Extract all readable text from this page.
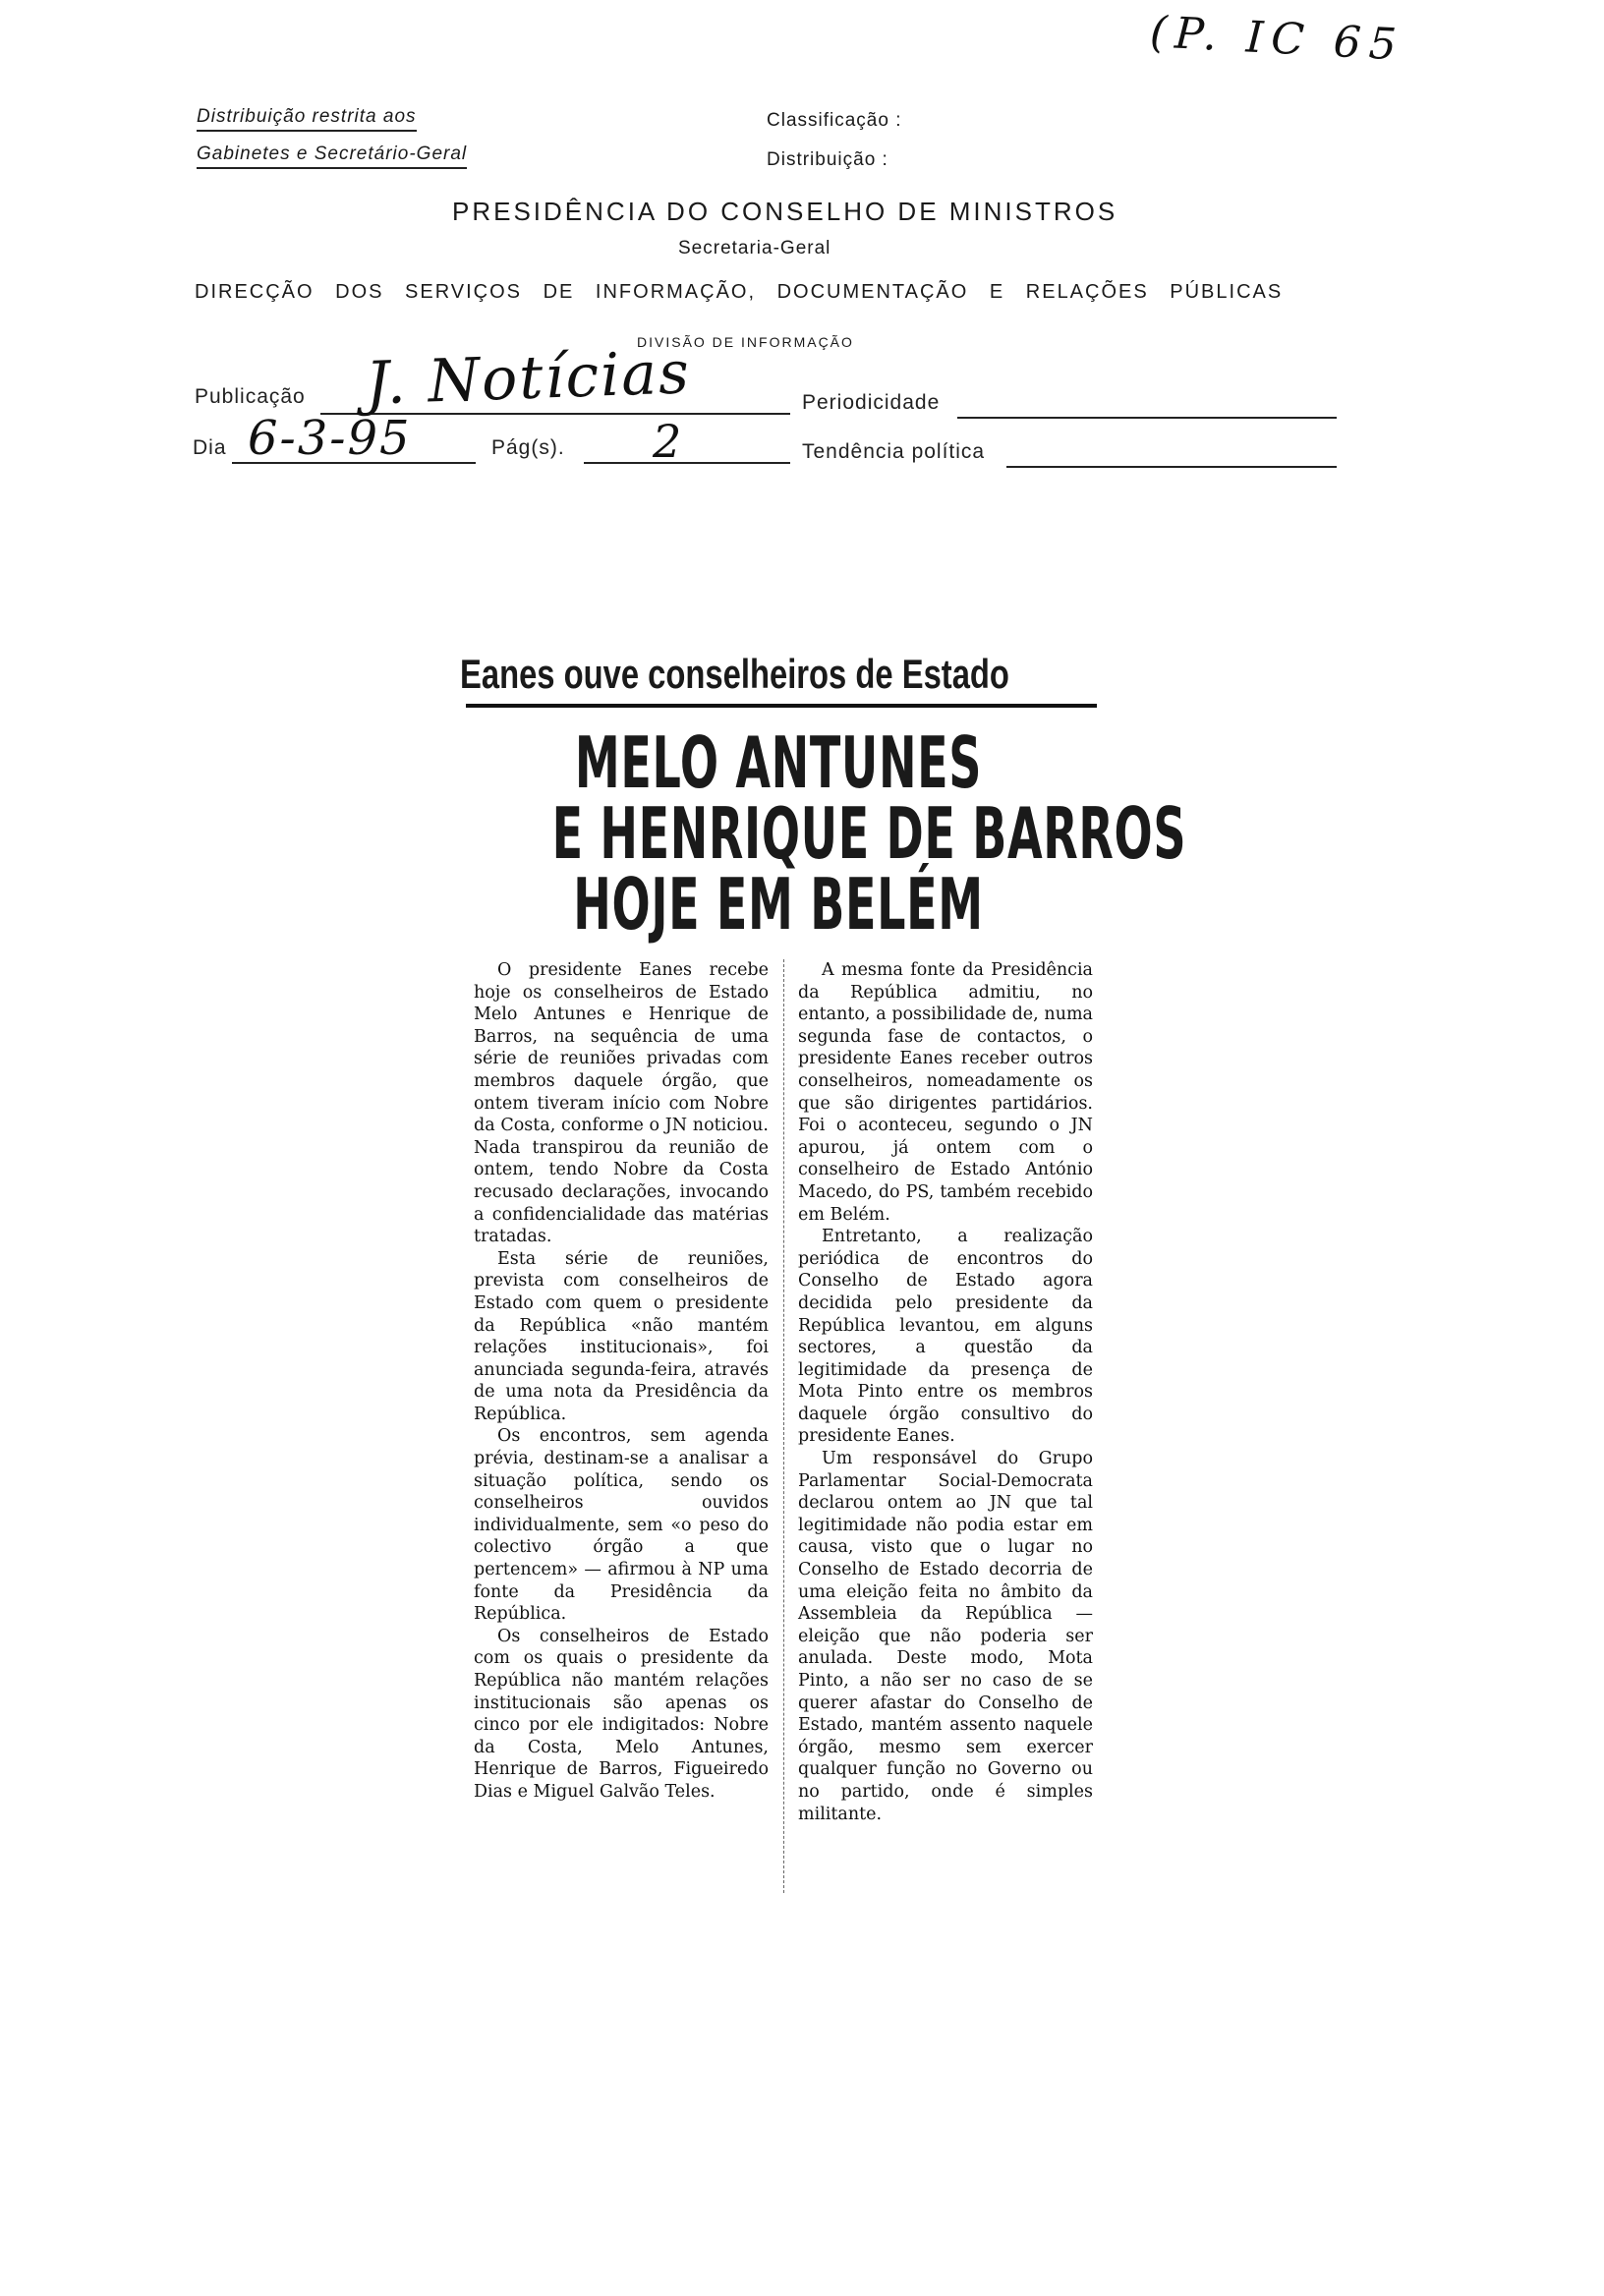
(P. IC 65
Distribuição restrita aos
Gabinetes e Secretário-Geral
Classificação :
Distribuição :
PRESIDÊNCIA DO CONSELHO DE MINISTROS
Secretaria-Geral
DIRECÇÃO DOS SERVIÇOS DE INFORMAÇÃO, DOCUMENTAÇÃO E RELAÇÕES PÚBLICAS
DIVISÃO DE INFORMAÇÃO
Publicação J. Notícias	Periodicidade
Dia 6-3-95	Pág(s). 2	Tendência política
Eanes ouve conselheiros de Estado
MELO ANTUNES
E HENRIQUE DE BARROS
HOJE EM BELÉM

O presidente Eanes recebe hoje os conselheiros de Estado Melo Antunes e Henrique de Barros, na sequência de uma série de reuniões privadas com membros daquele órgão, que ontem tiveram início com Nobre da Costa, conforme o JN noticiou. Nada transpirou da reunião de ontem, tendo Nobre da Costa recusado declarações, invocando a confidencialidade das matérias tratadas.

Esta série de reuniões, prevista com conselheiros de Estado com quem o presidente da República «não mantém relações institucionais», foi anunciada segunda-feira, através de uma nota da Presidência da República.

Os encontros, sem agenda prévia, destinam-se a analisar a situação política, sendo os conselheiros ouvidos individualmente, sem «o peso do colectivo órgão a que pertencem» — afirmou à NP uma fonte da Presidência da República.

Os conselheiros de Estado com os quais o presidente da República não mantém relações institucionais são apenas os cinco por ele indigitados: Nobre da Costa, Melo Antunes, Henrique de Barros, Figueiredo Dias e Miguel Galvão Teles.

A mesma fonte da Presidência da República admitiu, no entanto, a possibilidade de, numa segunda fase de contactos, o presidente Eanes receber outros conselheiros, nomeadamente os que são dirigentes partidários. Foi o aconteceu, segundo o JN apurou, já ontem com o conselheiro de Estado António Macedo, do PS, também recebido em Belém.

Entretanto, a realização periódica de encontros do Conselho de Estado agora decidida pelo presidente da República levantou, em alguns sectores, a questão da legitimidade da presença de Mota Pinto entre os membros daquele órgão consultivo do presidente Eanes.

Um responsável do Grupo Parlamentar Social-Democrata declarou ontem ao JN que tal legitimidade não podia estar em causa, visto que o lugar no Conselho de Estado decorria de uma eleição feita no âmbito da Assembleia da República — eleição que não poderia ser anulada. Deste modo, Mota Pinto, a não ser no caso de se querer afastar do Conselho de Estado, mantém assento naquele órgão, mesmo sem exercer qualquer função no Governo ou no partido, onde é simples militante.
